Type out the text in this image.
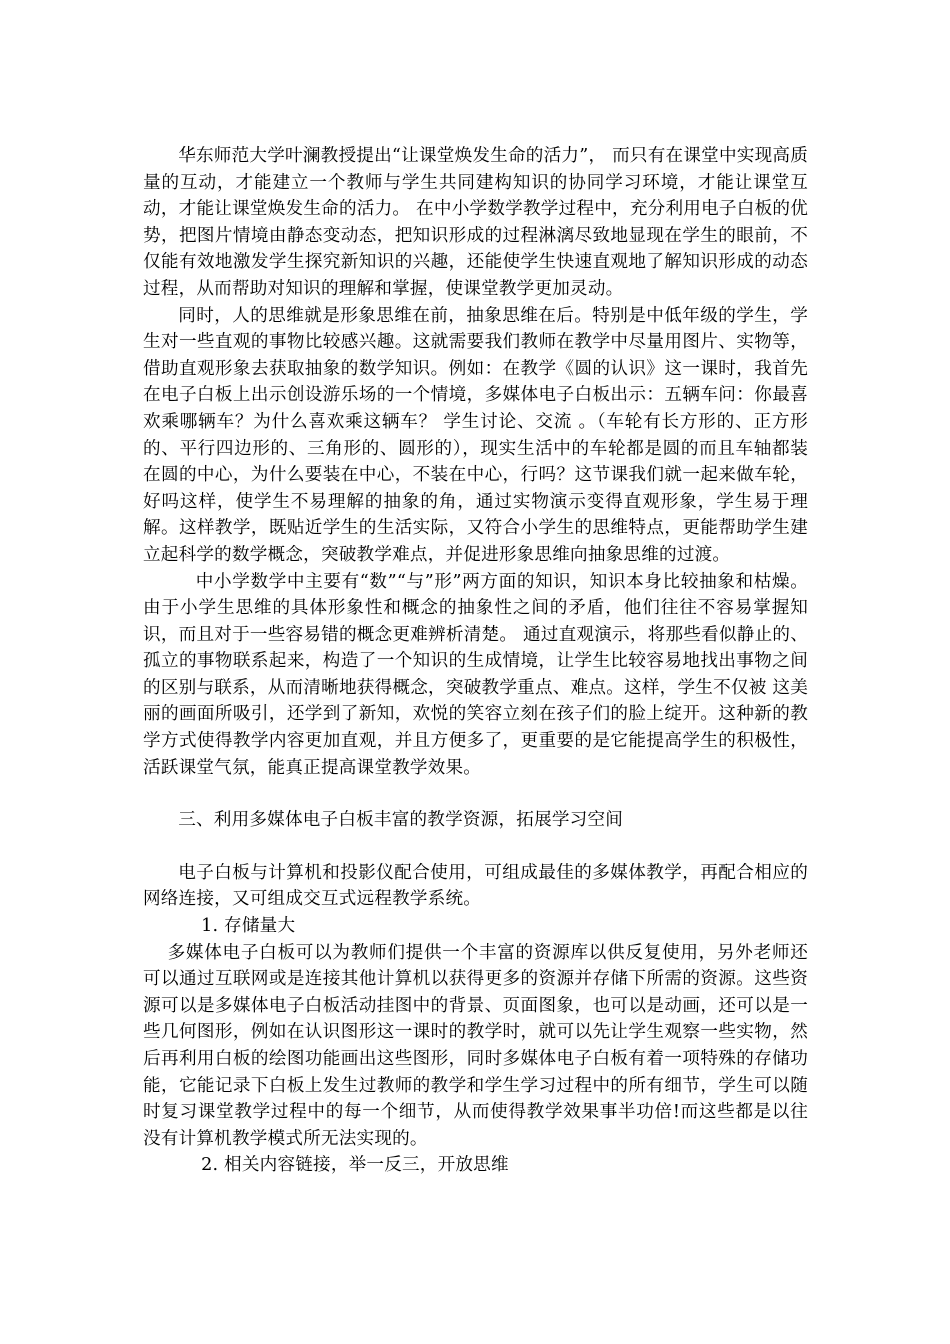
华东师范大学叶澜教授提出“让课堂焕发生命的活力”， 而只有在课堂中实现高质量的互动，才能建立一个教师与学生共同建构知识的协同学习环境，才能让课堂互动，才能让课堂焕发生命的活力。 在中小学数学教学过程中，充分利用电子白板的优势，把图片情境由静态变动态，把知识形成的过程淋漓尽致地显现在学生的眼前，不仅能有效地激发学生探究新知识的兴趣，还能使学生快速直观地了解知识形成的动态过程，从而帮助对知识的理解和掌握，使课堂教学更加灵动。

同时，人的思维就是形象思维在前，抽象思维在后。特别是中低年级的学生，学生对一些直观的事物比较感兴趣。这就需要我们教师在教学中尽量用图片、实物等，借助直观形象去获取抽象的数学知识。例如：在教学《圆的认识》这一课时，我首先在电子白板上出示创设游乐场的一个情境，多媒体电子白板出示：五辆车问：你最喜欢乘哪辆车？为什么喜欢乘这辆车？ 学生讨论、交流 。（车轮有长方形的、正方形的、平行四边形的、三角形的、圆形的），现实生活中的车轮都是圆的而且车轴都装在圆的中心，为什么要装在中心，不装在中心，行吗？这节课我们就一起来做车轮，好吗这样，使学生不易理解的抽象的角，通过实物演示变得直观形象，学生易于理解。这样教学，既贴近学生的生活实际，又符合小学生的思维特点，更能帮助学生建立起科学的数学概念，突破教学难点，并促进形象思维向抽象思维的过渡。

中小学数学中主要有“数”“与”形”两方面的知识，知识本身比较抽象和枯燥。由于小学生思维的具体形象性和概念的抽象性之间的矛盾，他们往往不容易掌握知识，而且对于一些容易错的概念更难辨析清楚。 通过直观演示，将那些看似静止的、孤立的事物联系起来，构造了一个知识的生成情境，让学生比较容易地找出事物之间的区别与联系，从而清晰地获得概念，突破教学重点、难点。这样，学生不仅被 这美丽的画面所吸引，还学到了新知，欢悦的笑容立刻在孩子们的脸上绽开。这种新的教学方式使得教学内容更加直观，并且方便多了，更重要的是它能提高学生的积极性，活跃课堂气氛，能真正提高课堂教学效果。

三、利用多媒体电子白板丰富的教学资源，拓展学习空间

电子白板与计算机和投影仪配合使用，可组成最佳的多媒体教学，再配合相应的网络连接，又可组成交互式远程教学系统。

1. 存储量大

多媒体电子白板可以为教师们提供一个丰富的资源库以供反复使用，另外老师还可以通过互联网或是连接其他计算机以获得更多的资源并存储下所需的资源。这些资源可以是多媒体电子白板活动挂图中的背景、页面图象，也可以是动画，还可以是一些几何图形，例如在认识图形这一课时的教学时，就可以先让学生观察一些实物，然后再利用白板的绘图功能画出这些图形，同时多媒体电子白板有着一项特殊的存储功能，它能记录下白板上发生过教师的教学和学生学习过程中的所有细节，学生可以随时复习课堂教学过程中的每一个细节，从而使得教学效果事半功倍!而这些都是以往没有计算机教学模式所无法实现的。

2. 相关内容链接，举一反三，开放思维
